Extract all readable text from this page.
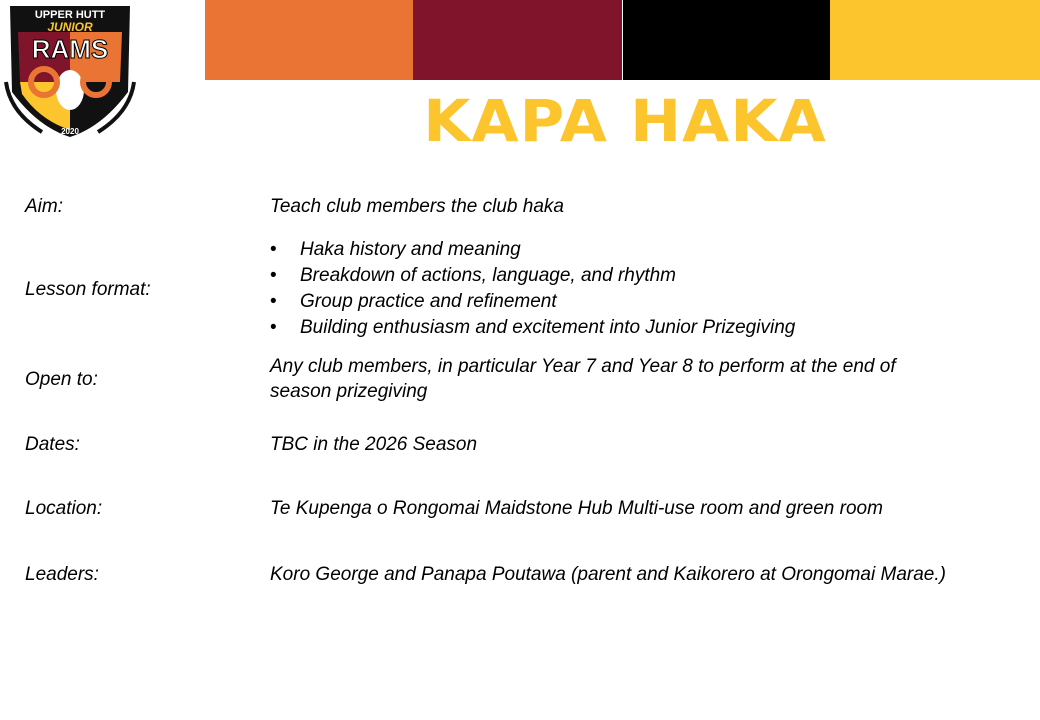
UPPER HUTT
JUNIOR
RAMS
2020	KAPA HAKA
Aim:	Teach club members the club haka
Lesson format:
• Haka history and meaning
• Breakdown of actions, language, and rhythm
• Group practice and refinement
• Building enthusiasm and excitement into Junior Prizegiving
Open to:
Any club members, in particular Year 7 and Year 8 to perform at the end of season prizegiving
Dates:	TBC in the 2026 Season
Location:	Te Kupenga o Rongomai Maidstone Hub Multi-use room and green room
Leaders:	Koro George and Panapa Poutawa (parent and Kaikorero at Orongomai Marae.)
